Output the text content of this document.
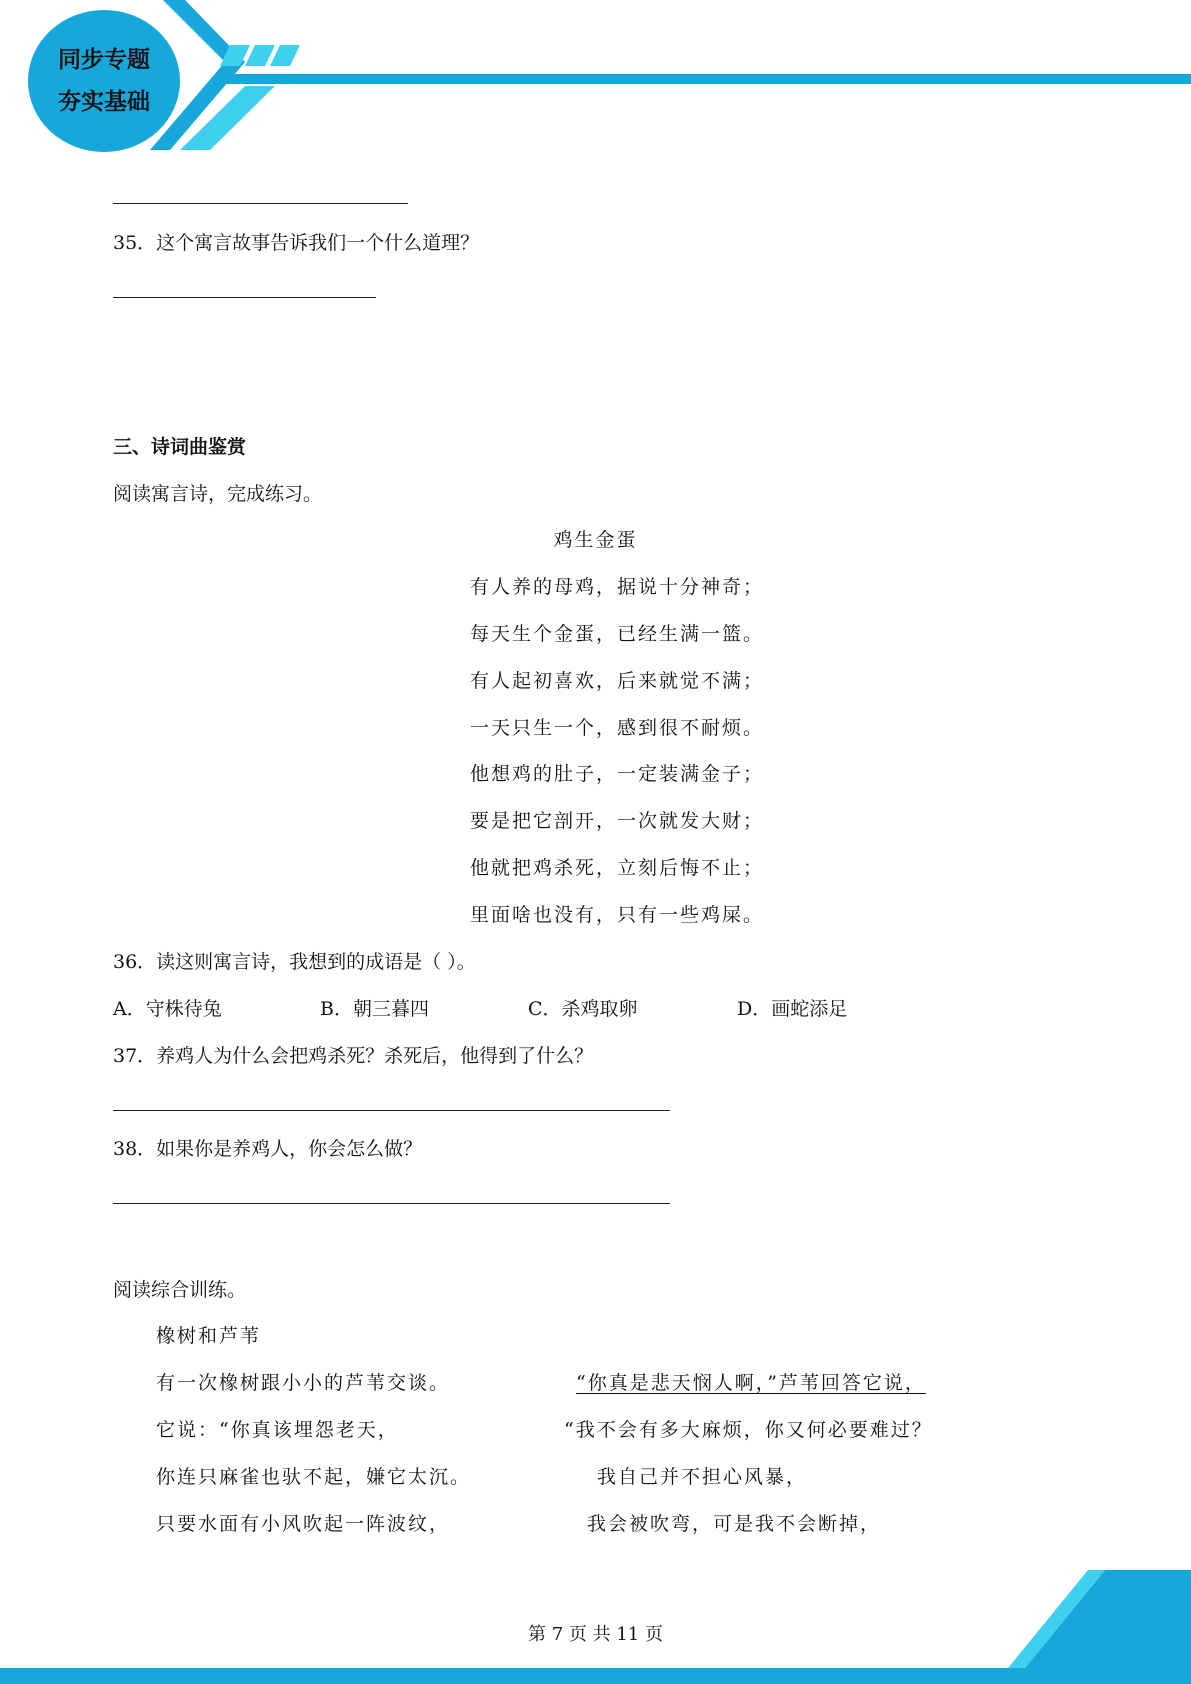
同步专题
夯实基础
35．这个寓言故事告诉我们一个什么道理？
三、诗词曲鉴赏
阅读寓言诗，完成练习。
鸡生金蛋
有人养的母鸡，据说十分神奇；
每天生个金蛋，已经生满一篮。
有人起初喜欢，后来就觉不满；
一天只生一个，感到很不耐烦。
他想鸡的肚子，一定装满金子；
要是把它剖开，一次就发大财；
他就把鸡杀死，立刻后悔不止；
里面啥也没有，只有一些鸡屎。
36．读这则寓言诗，我想到的成语是（ ）。
A．守株待兔	B．朝三暮四	C．杀鸡取卵	D．画蛇添足
37．养鸡人为什么会把鸡杀死？杀死后，他得到了什么？
38．如果你是养鸡人，你会怎么做？
阅读综合训练。
橡树和芦苇
有一次橡树跟小小的芦苇交谈。
它说：“你真该埋怨老天，
你连只麻雀也驮不起，嫌它太沉。
只要水面有小风吹起一阵波纹，
“你真是悲天悯人啊，”芦苇回答它说，
“我不会有多大麻烦，你又何必要难过？
我自己并不担心风暴，
我会被吹弯，可是我不会断掉，
第 7 页 共 11 页
